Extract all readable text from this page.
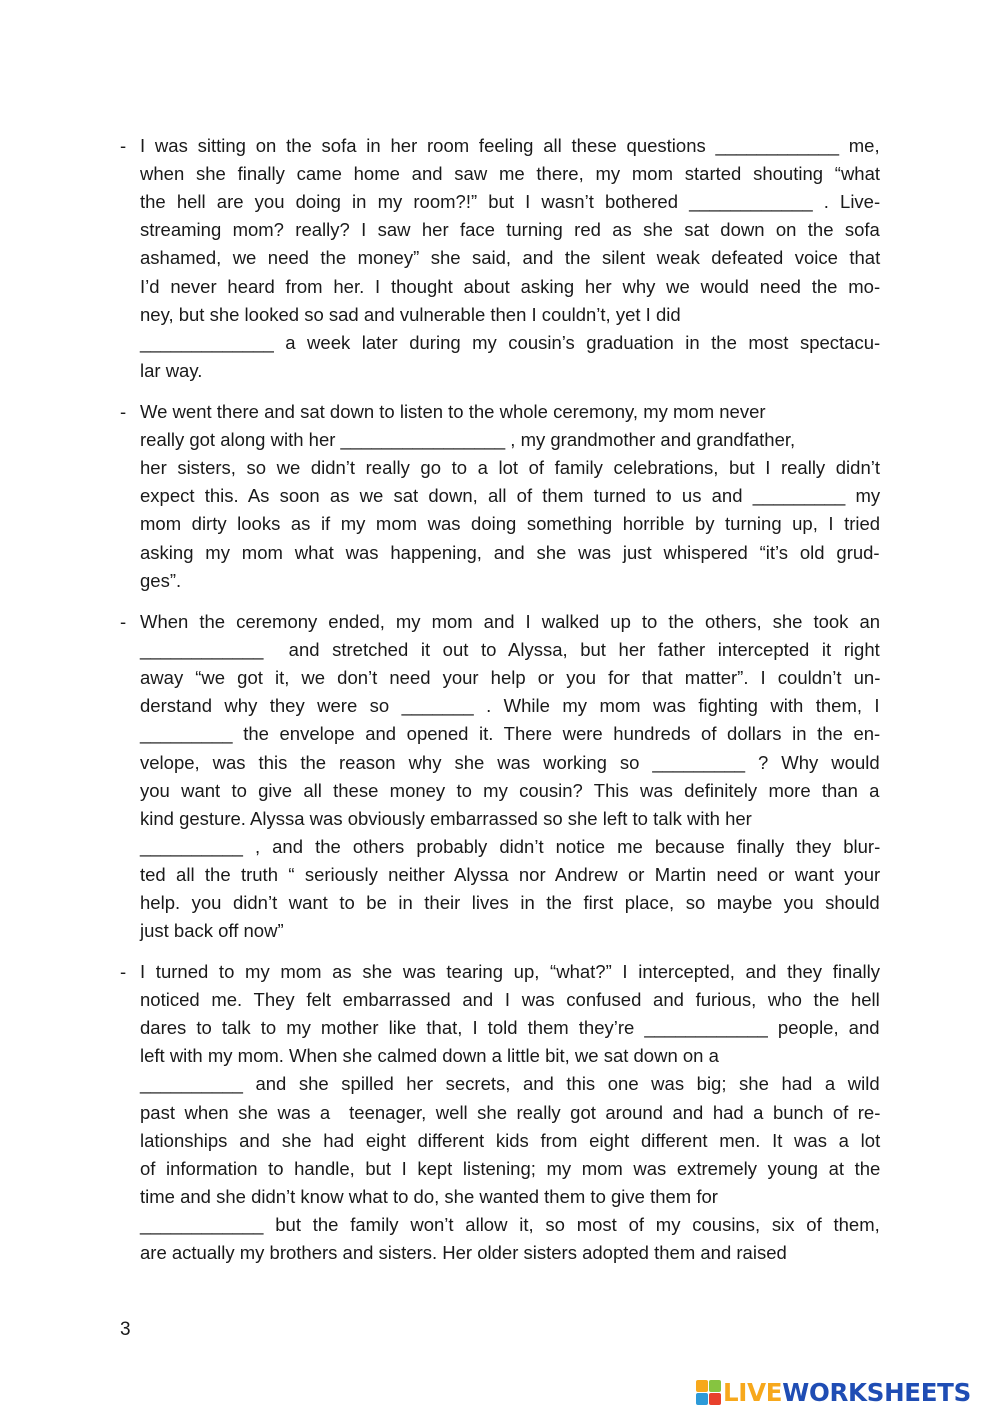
- I was sitting on the sofa in her room feeling all these questions ____________ me,
when she finally came home and saw me there, my mom started shouting “what
the hell are you doing in my room?!” but I wasn’t bothered ____________ . Live-
streaming mom? really? I saw her face turning red as she sat down on the sofa
ashamed, we need the money” she said, and the silent weak defeated voice that
I’d never heard from her. I thought about asking her why we would need the mo-
ney, but she looked so sad and vulnerable then I couldn’t, yet I did
_____________ a week later during my cousin’s graduation in the most spectacu-
lar way.
- We went there and sat down to listen to the whole ceremony, my mom never
really got along with her ________________ , my grandmother and grandfather,
her sisters, so we didn’t really go to a lot of family celebrations, but I really didn’t
expect this. As soon as we sat down, all of them turned to us and _________ my
mom dirty looks as if my mom was doing something horrible by turning up, I tried
asking my mom what was happening, and she was just whispered “it’s old grud-
ges”.
- When the ceremony ended, my mom and I walked up to the others, she took an
____________  and stretched it out to Alyssa, but her father intercepted it right
away “we got it, we don’t need your help or you for that matter”. I couldn’t un-
derstand why they were so _______ . While my mom was fighting with them, I
_________ the envelope and opened it. There were hundreds of dollars in the en-
velope, was this the reason why she was working so _________ ? Why would
you want to give all these money to my cousin? This was definitely more than a
kind gesture. Alyssa was obviously embarrassed so she left to talk with her
__________ , and the others probably didn’t notice me because finally they blur-
ted all the truth “ seriously neither Alyssa nor Andrew or Martin need or want your
help. you didn’t want to be in their lives in the first place, so maybe you should
just back off now”
- I turned to my mom as she was tearing up, “what?” I intercepted, and they finally
noticed me. They felt embarrassed and I was confused and furious, who the hell
dares to talk to my mother like that, I told them they’re ____________ people, and
left with my mom. When she calmed down a little bit, we sat down on a
__________ and she spilled her secrets, and this one was big; she had a wild
past when she was a  teenager, well she really got around and had a bunch of re-
lationships and she had eight different kids from eight different men. It was a lot
of information to handle, but I kept listening; my mom was extremely young at the
time and she didn’t know what to do, she wanted them to give them for
____________ but the family won’t allow it, so most of my cousins, six of them,
are actually my brothers and sisters. Her older sisters adopted them and raised
3
LIVEWORKSHEETS
